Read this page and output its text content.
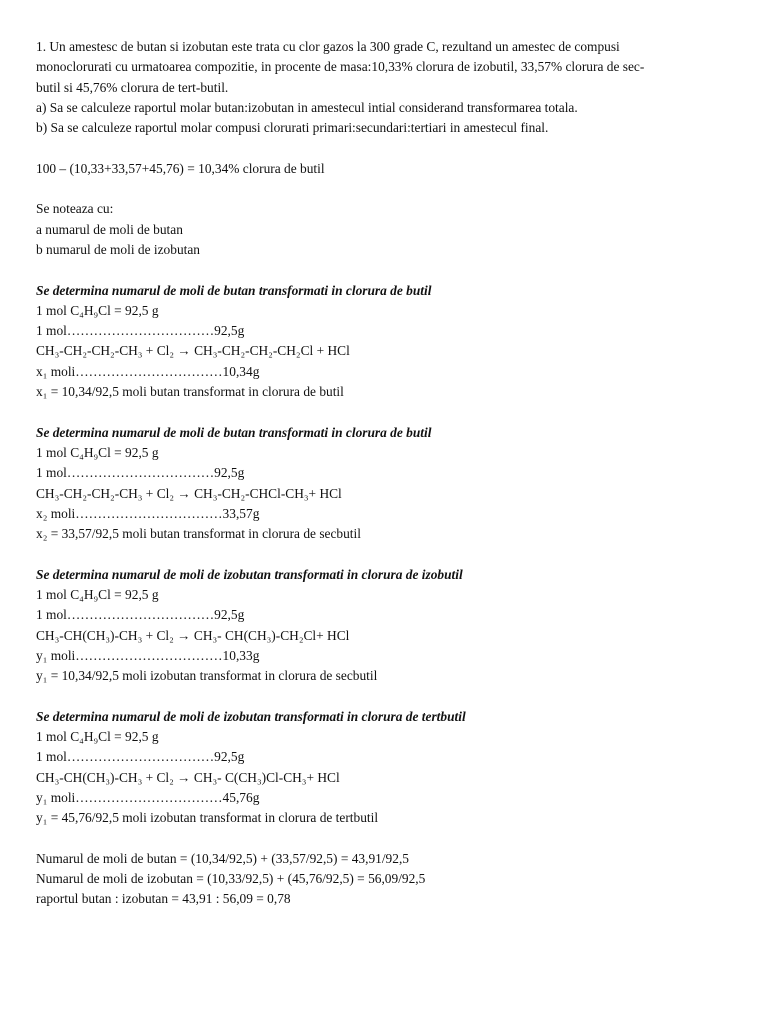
1. Un amestesc de butan si izobutan este trata cu clor gazos la 300 grade C, rezultand un amestec de compusi
monoclorurati cu urmatoarea compozitie, in procente de masa:10,33% clorura de izobutil, 33,57% clorura de sec-
butil si 45,76% clorura de tert-butil.
a) Sa se calculeze raportul molar butan:izobutan in amestecul intial considerand transformarea totala.
b) Sa se calculeze raportul molar compusi clorurati primari:secundari:tertiari in amestecul final.
100 – (10,33+33,57+45,76) = 10,34% clorura de butil
Se noteaza cu:
a numarul de moli de butan
b numarul de moli de izobutan
Se determina numarul de moli de butan transformati in clorura de butil
1 mol C₄H₉Cl = 92,5 g
1 mol……………………………92,5g
CH₃-CH₂-CH₂-CH₃ + Cl₂ → CH₃-CH₂-CH₂-CH₂Cl + HCl
x₁ moli……………………………10,34g
x₁ = 10,34/92,5 moli butan transformat in clorura de butil
Se determina numarul de moli de butan transformati in clorura de butil
1 mol C₄H₉Cl = 92,5 g
1 mol……………………………92,5g
CH₃-CH₂-CH₂-CH₃ + Cl₂ → CH₃-CH₂-CHCl-CH₃+ HCl
x₂ moli……………………………33,57g
x₂ = 33,57/92,5 moli butan transformat in clorura de secbutil
Se determina numarul de moli de izobutan transformati in clorura de izobutil
1 mol C₄H₉Cl = 92,5 g
1 mol……………………………92,5g
CH₃-CH(CH₃)-CH₃ + Cl₂ → CH₃- CH(CH₃)-CH₂Cl+ HCl
y₁ moli……………………………10,33g
y₁ = 10,34/92,5 moli izobutan transformat in clorura de secbutil
Se determina numarul de moli de izobutan transformati in clorura de tertbutil
1 mol C₄H₉Cl = 92,5 g
1 mol……………………………92,5g
CH₃-CH(CH₃)-CH₃ + Cl₂ → CH₃- C(CH₃)Cl-CH₃+ HCl
y₁ moli……………………………45,76g
y₁ = 45,76/92,5 moli izobutan transformat in clorura de tertbutil
Numarul de moli de butan = (10,34/92,5) + (33,57/92,5) = 43,91/92,5
Numarul de moli de izobutan = (10,33/92,5) + (45,76/92,5) = 56,09/92,5
raportul butan : izobutan = 43,91 : 56,09 = 0,78
